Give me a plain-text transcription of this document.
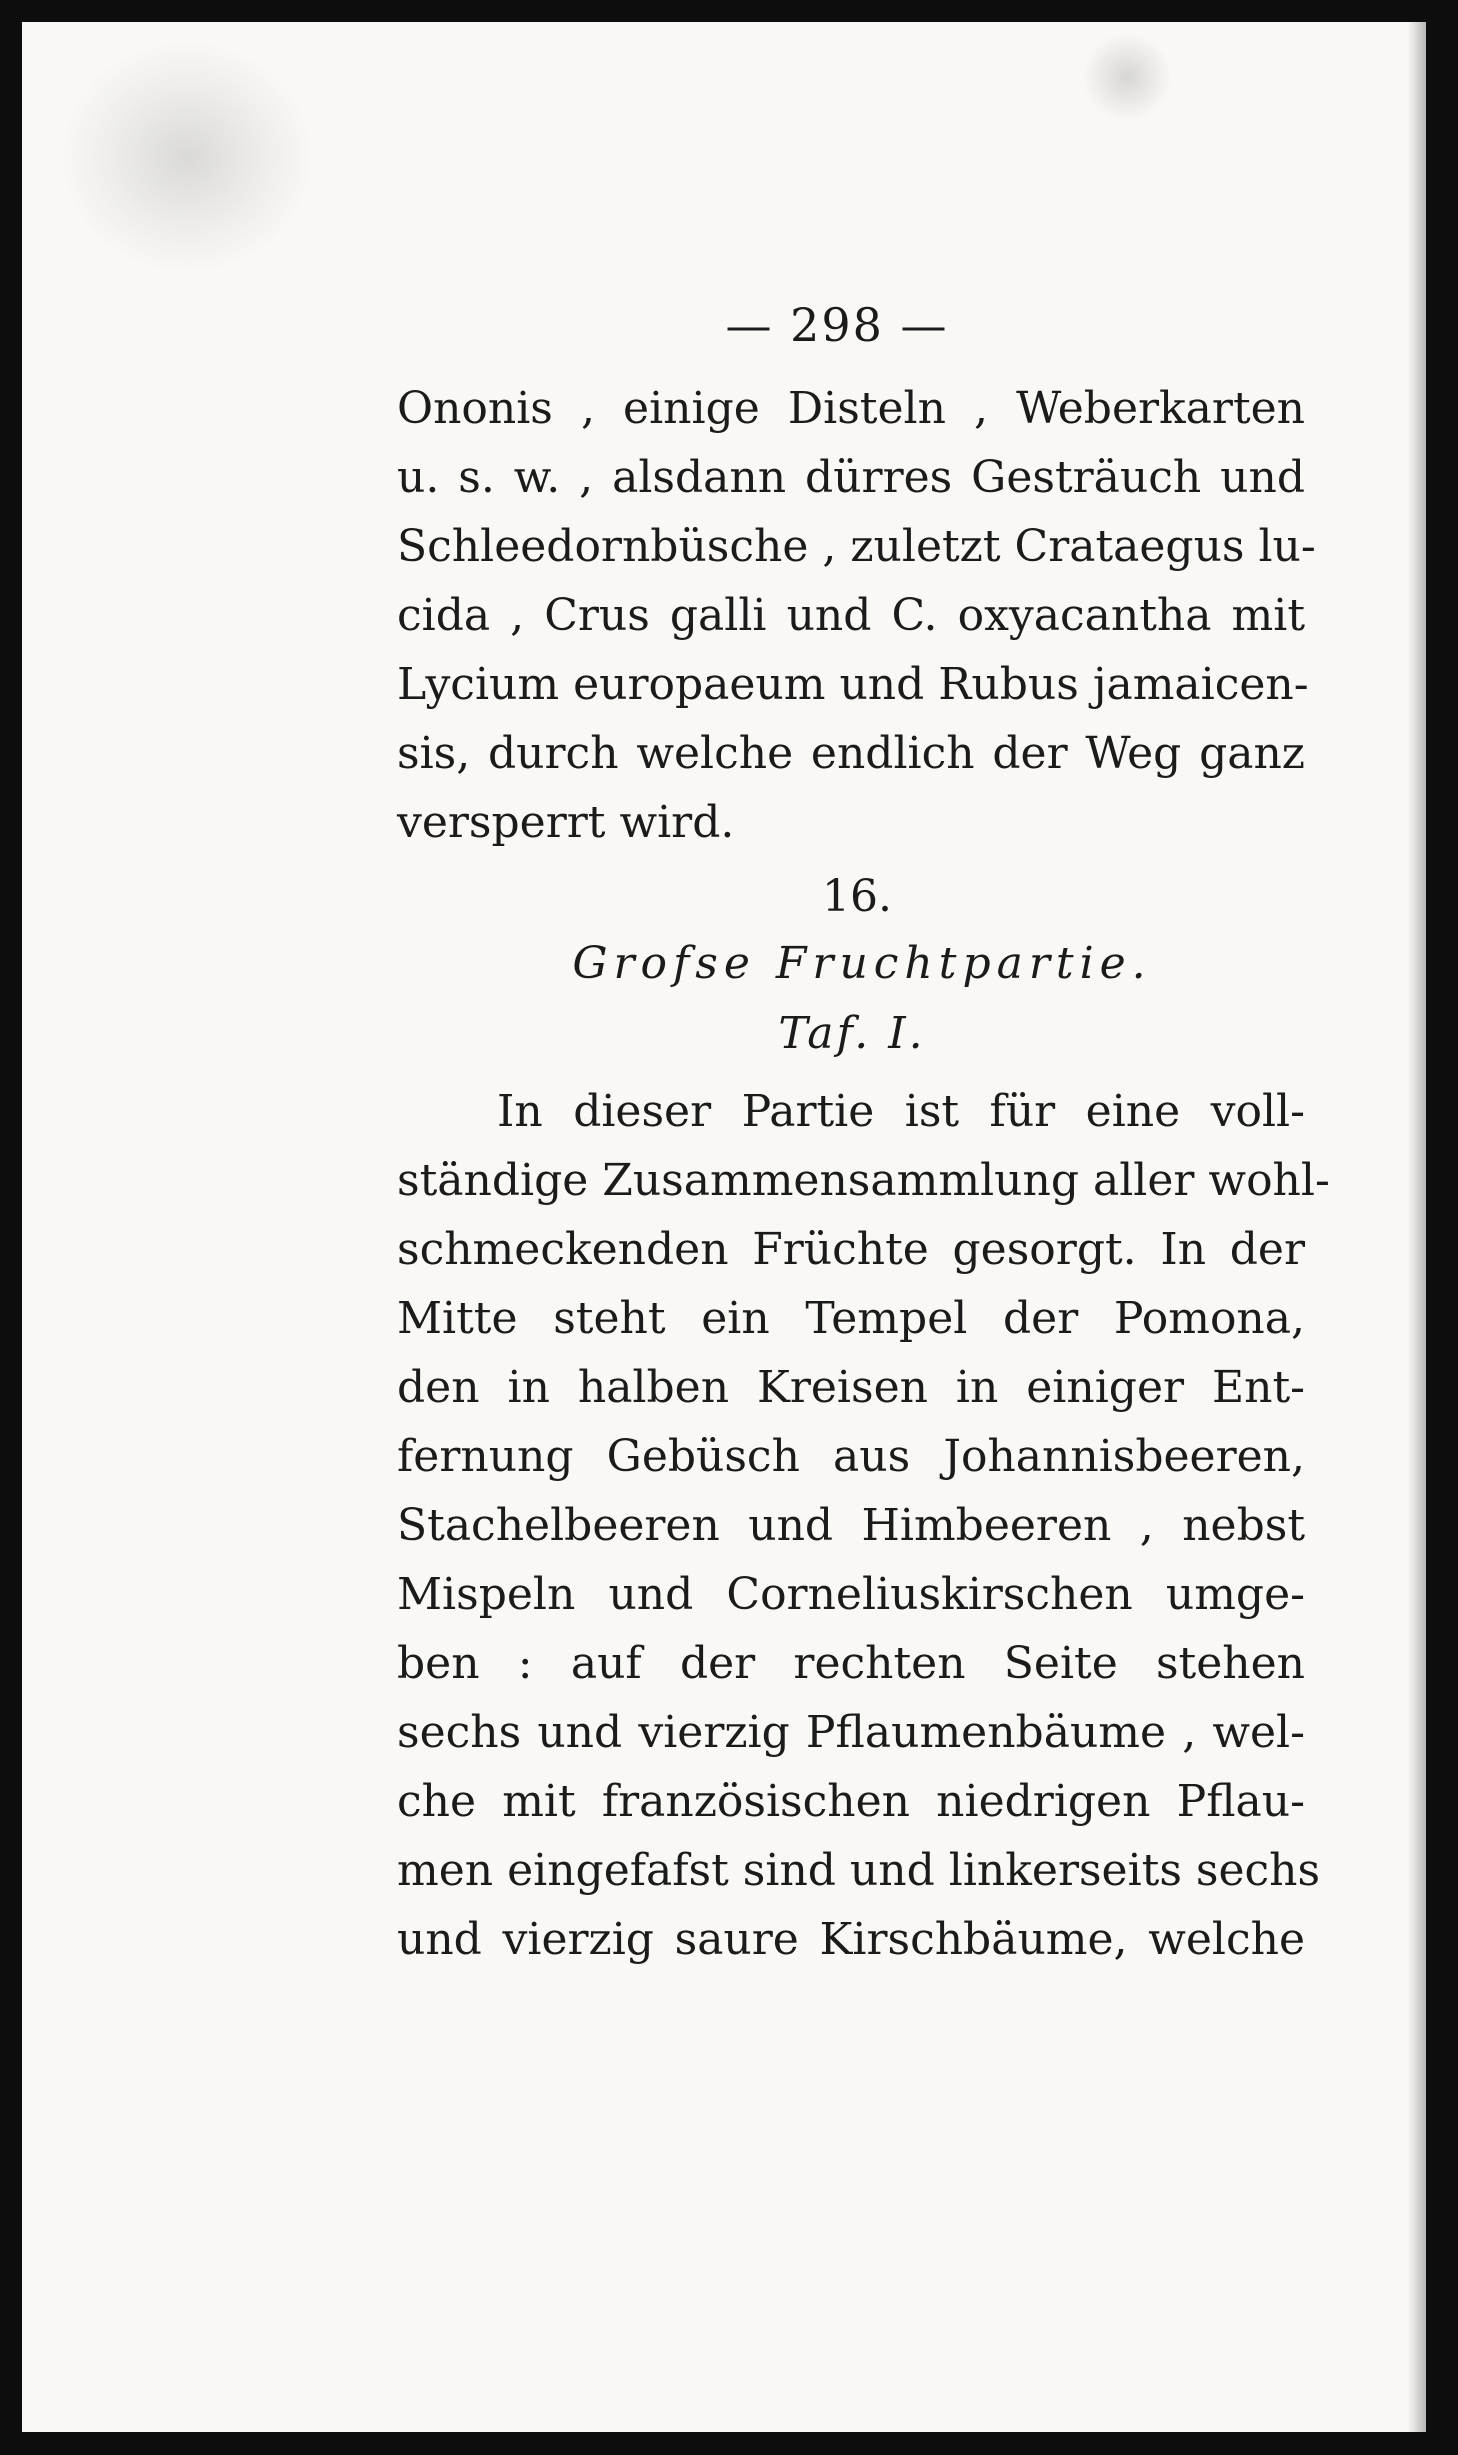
— 298 —
Ononis , einige Disteln , Weberkarten
u. s. w. , alsdann dürres Gesträuch und
Schleedornbüsche , zuletzt Crataegus lu-
cida , Crus galli und C. oxyacantha mit
Lycium europaeum und Rubus jamaicen-
sis, durch welche endlich der Weg ganz
versperrt wird.
16.
Grofse Fruchtpartie.
Taf. I.
In dieser Partie ist für eine voll-
ständige Zusammensammlung aller wohl-
schmeckenden Früchte gesorgt. In der
Mitte steht ein Tempel der Pomona,
den in halben Kreisen in einiger Ent-
fernung Gebüsch aus Johannisbeeren,
Stachelbeeren und Himbeeren , nebst
Mispeln und Corneliuskirschen umge-
ben : auf der rechten Seite stehen
sechs und vierzig Pflaumenbäume , wel-
che mit französischen niedrigen Pflau-
men eingefafst sind und linkerseits sechs
und vierzig saure Kirschbäume, welche
